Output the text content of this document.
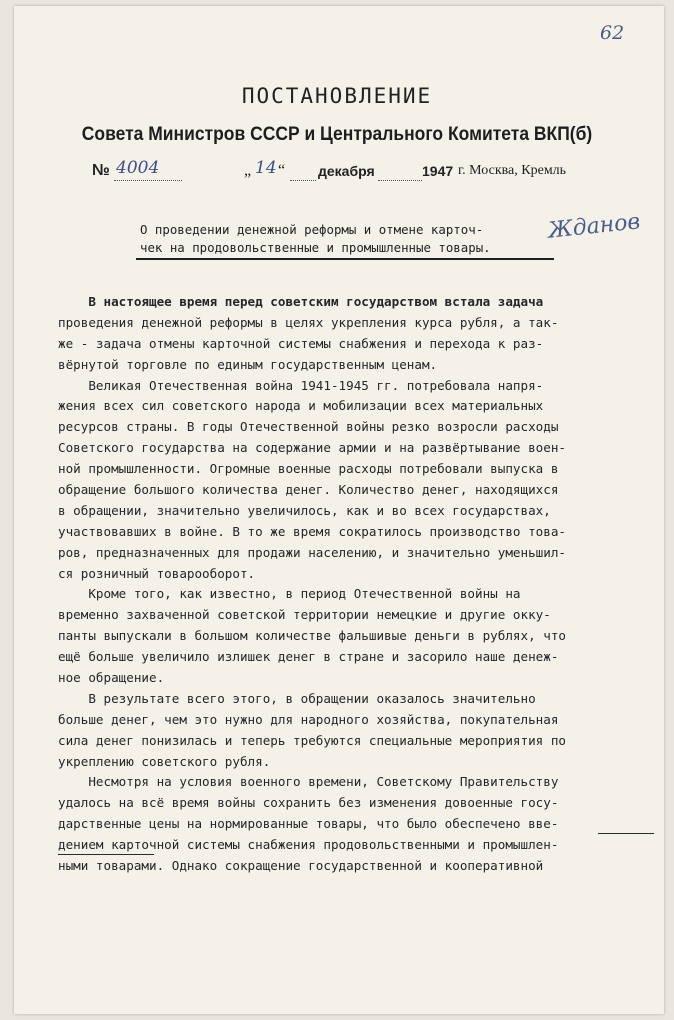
62
ПОСТАНОВЛЕНИЕ
Совета Министров СССР и Центрального Комитета ВКП(б)
№ 4004	„ 14 “ декабря	1947 г. Москва, Кремль
О проведении денежной реформы и отмене карточ-
чек на продовольственные и промышленные товары.
Жданов
В настоящее время перед советским государством встала задача
проведения денежной реформы в целях укрепления курса рубля, а так-
же - задача отмены карточной системы снабжения и перехода к раз-
вёрнутой торговле по единым государственным ценам.
Великая Отечественная война 1941-1945 гг. потребовала напря-
жения всех сил советского народа и мобилизации всех материальных
ресурсов страны. В годы Отечественной войны резко возросли расходы
Советского государства на содержание армии и на развёртывание воен-
ной промышленности. Огромные военные расходы потребовали выпуска в
обращение большого количества денег. Количество денег, находящихся
в обращении, значительно увеличилось, как и во всех государствах,
участвовавших в войне. В то же время сократилось производство това-
ров, предназначенных для продажи населению, и значительно уменьшил-
ся розничный товарооборот.
Кроме того, как известно, в период Отечественной войны на
временно захваченной советской территории немецкие и другие окку-
панты выпускали в большом количестве фальшивые деньги в рублях, что
ещё больше увеличило излишек денег в стране и засорило наше денеж-
ное обращение.
В результате всего этого, в обращении оказалось значительно
больше денег, чем это нужно для народного хозяйства, покупательная
сила денег понизилась и теперь требуются специальные мероприятия по
укреплению советского рубля.
Несмотря на условия военного времени, Советскому Правительству
удалось на всё время войны сохранить без изменения довоенные госу-
дарственные цены на нормированные товары, что было обеспечено вве-
дением карточной системы снабжения продовольственными и промышлен-
ными товарами. Однако сокращение государственной и кооперативной
